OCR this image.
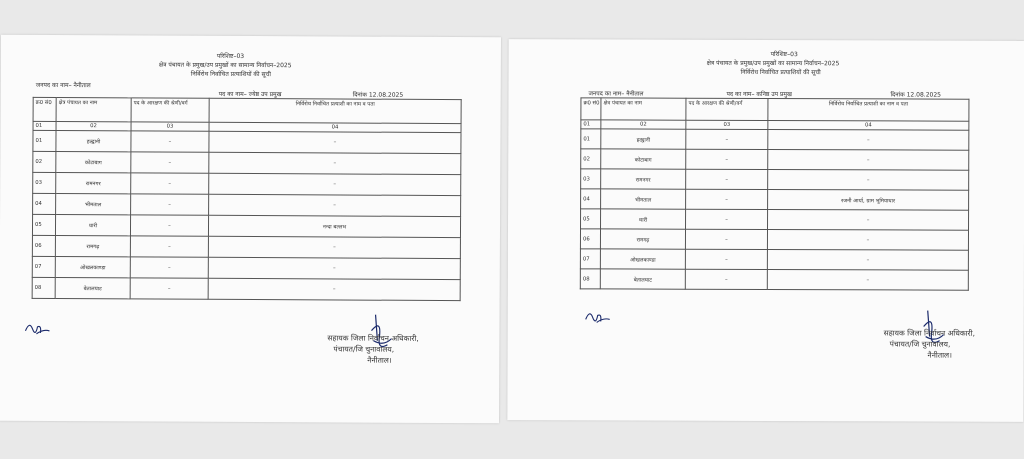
परिशिष्ट–03
क्षेत्र पंचायत के प्रमुख/उप प्रमुखों का सामान्य निर्वाचन–2025
निर्विरोध निर्वाचित प्रत्याशियों की सूची
जनपद का नाम– नैनीताल
पद का नाम– ज्येष्ठ उप प्रमुख	दिनांक 12.08.2025
क्र0 सं0	क्षेत्र पंचायत का नाम	पद के आरक्षण की श्रेणी/वर्ग	निर्विरोध निर्वाचित प्रत्याशी का नाम व पता
01	02	03	04
01	हल्द्वानी	–	–
02	कोटाबाग	–	–
03	रामनगर	–	–
04	भीमताल	–	–
05	धारी	–	नन्दा बल्लभ
06	रामगढ़	–	–
07	ओखलकाण्डा	–	–
08	बेतालघाट	–	–
सहायक जिला निर्वाचन अधिकारी,
पंचायत/जि चुनावालय,
नैनीताल।
परिशिष्ट–03
क्षेत्र पंचायत के प्रमुख/उप प्रमुखों का सामान्य निर्वाचन–2025
निर्विरोध निर्वाचित प्रत्याशियों की सूची
जनपद का नाम– नैनीताल	पद का नाम– कनिष्ठ उप प्रमुख	दिनांक 12.08.2025
क्र0 सं0	क्षेत्र पंचायत का नाम	पद के आरक्षण की श्रेणी/वर्ग	निर्विरोध निर्वाचित प्रत्याशी का नाम व पता
01	02	03	04
01	हल्द्वानी	–	–
02	कोटाबाग	–	–
03	रामनगर	–	–
04	भीमताल	–	रजनी आर्या, ग्राम भूमियाधार
05	धारी	–	–
06	रामगढ़	–	–
07	ओखलकाण्डा	–	–
08	बेतालघाट	–	–
सहायक जिला निर्वाचन अधिकारी,
पंचायत/जि चुनावालय,
नैनीताल।
